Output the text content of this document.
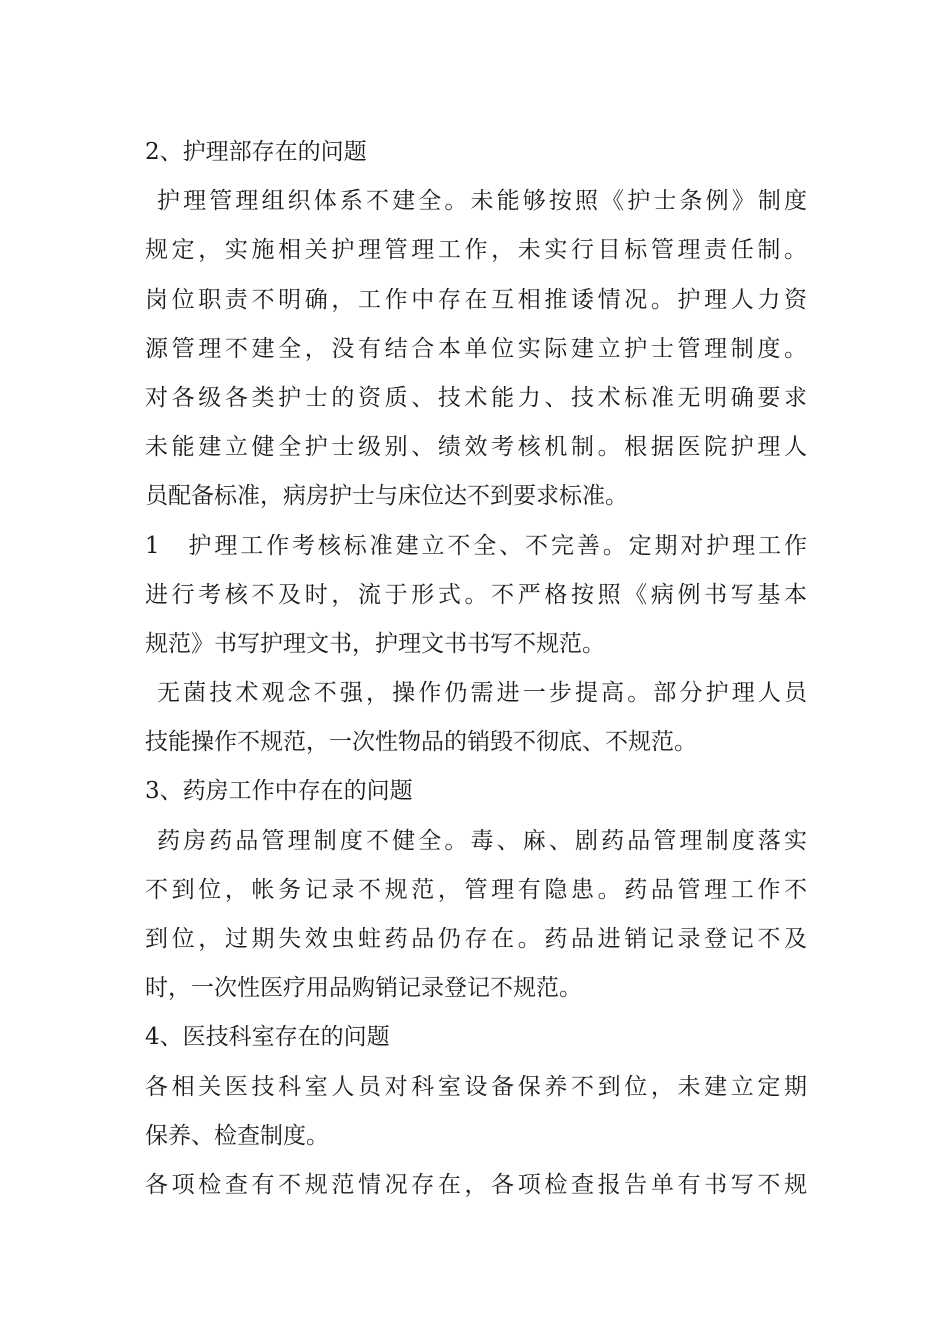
2、护理部存在的问题
护理管理组织体系不建全。未能够按照《护士条例》制度
规定，实施相关护理管理工作，未实行目标管理责任制。
岗位职责不明确，工作中存在互相推诿情况。护理人力资
源管理不建全，没有结合本单位实际建立护士管理制度。
对各级各类护士的资质、技术能力、技术标准无明确要求
未能建立健全护士级别、绩效考核机制。根据医院护理人
员配备标准，病房护士与床位达不到要求标准。
1　护理工作考核标准建立不全、不完善。定期对护理工作
进行考核不及时，流于形式。不严格按照《病例书写基本
规范》书写护理文书，护理文书书写不规范。
无菌技术观念不强，操作仍需进一步提高。部分护理人员
技能操作不规范，一次性物品的销毁不彻底、不规范。
3、药房工作中存在的问题
药房药品管理制度不健全。毒、麻、剧药品管理制度落实
不到位，帐务记录不规范，管理有隐患。药品管理工作不
到位，过期失效虫蛀药品仍存在。药品进销记录登记不及
时，一次性医疗用品购销记录登记不规范。
4、医技科室存在的问题
各相关医技科室人员对科室设备保养不到位，未建立定期
保养、检查制度。
各项检查有不规范情况存在，各项检查报告单有书写不规
